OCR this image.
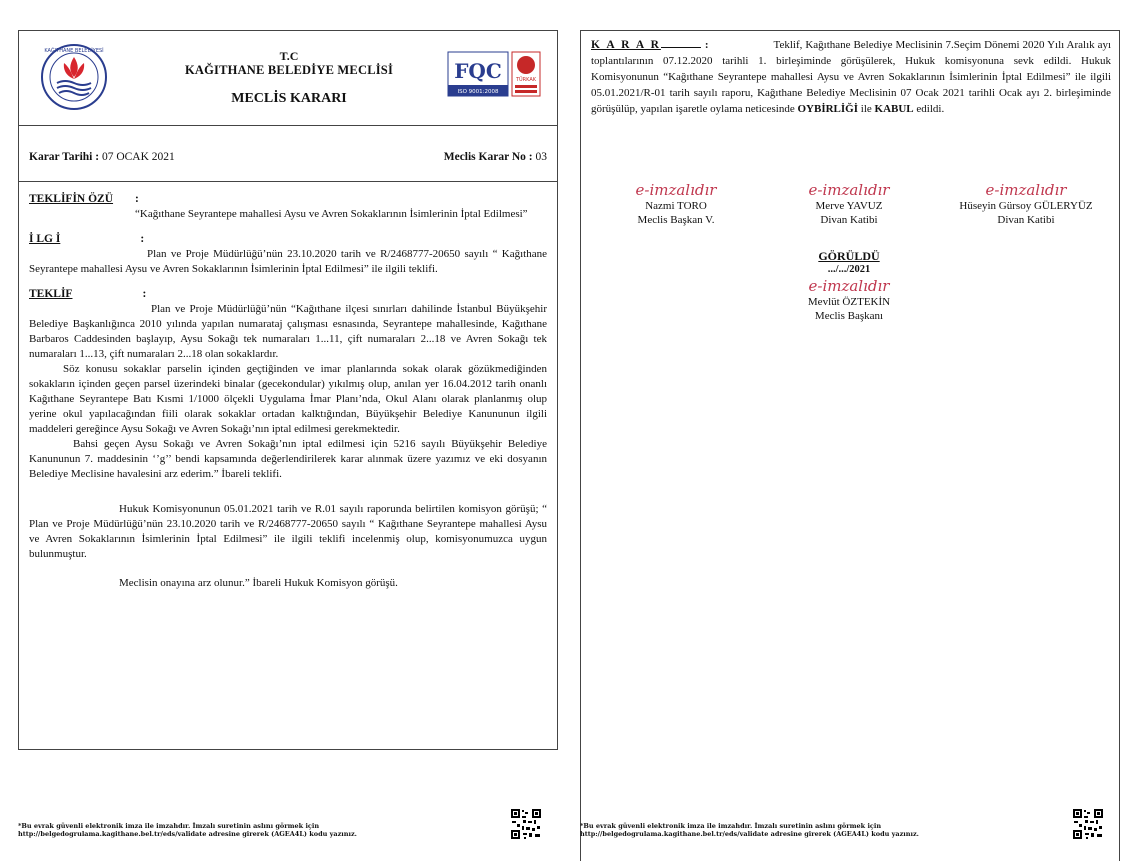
KAĞITHANE BELEDİYESİ	T.C
KAĞITHANE BELEDİYE MECLİSİ
MECLİS KARARI
FQC
ISO 9001:2008
TÜRKAK
Karar Tarihi : 07 OCAK 2021	Meclis Karar No : 03
TEKLİFİN ÖZÜ :

“Kağıthane Seyrantepe mahallesi Aysu ve Avren Sokaklarının İsimlerinin İptal Edilmesi”

İ LG İ	:

Plan ve Proje Müdürlüğü’nün 23.10.2020 tarih ve R/2468777-20650 sayılı “ Kağıthane Seyrantepe mahallesi Aysu ve Avren Sokaklarının İsimlerinin İptal Edilmesi” ile ilgili teklifi.

TEKLİF	:

Plan ve Proje Müdürlüğü’nün “Kağıthane ilçesi sınırları dahilinde İstanbul Büyükşehir Belediye Başkanlığınca 2010 yılında yapılan numarataj çalışması esnasında, Seyrantepe mahallesinde, Kağıthane Barbaros Caddesinden başlayıp, Aysu Sokağı tek numaraları 1...11, çift numaraları 2...18 ve Avren Sokağı tek numaraları 1...13, çift numaraları 2...18 olan sokaklardır.

Söz konusu sokaklar parselin içinden geçtiğinden ve imar planlarında sokak olarak gözükmediğinden sokakların içinden geçen parsel üzerindeki binalar (gecekondular) yıkılmış olup, anılan yer 16.04.2012 tarih onanlı Kağıthane Seyrantepe Batı Kısmi 1/1000 ölçekli Uygulama İmar Planı’nda, Okul Alanı olarak planlanmış olup yerine okul yapılacağından fiili olarak sokaklar ortadan kalktığından, Büyükşehir Belediye Kanununun ilgili maddeleri gereğince Aysu Sokağı ve Avren Sokağı’nın iptal edilmesi gerekmektedir.

Bahsi geçen Aysu Sokağı ve Avren Sokağı’nın iptal edilmesi için 5216 sayılı Büyükşehir Belediye Kanununun 7. maddesinin ‘’g’’ bendi kapsamında değerlendirilerek karar alınmak üzere yazımız ve eki dosyanın Belediye Meclisine havalesini arz ederim.” İbareli teklifi.

Hukuk Komisyonunun 05.01.2021 tarih ve R.01 sayılı raporunda belirtilen komisyon görüşü; “ Plan ve Proje Müdürlüğü’nün 23.10.2020 tarih ve R/2468777-20650 sayılı “ Kağıthane Seyrantepe mahallesi Aysu ve Avren Sokaklarının İsimlerinin İptal Edilmesi” ile ilgili teklifi incelenmiş olup, komisyonumuzca uygun bulunmuştur.

Meclisin onayına arz olunur.” İbareli Hukuk Komisyon görüşü.

K A R A R	:	Teklif, Kağıthane Belediye Meclisinin 7.Seçim Dönemi 2020 Yılı Aralık ayı toplantılarının 07.12.2020 tarihli 1. birleşiminde görüşülerek, Hukuk komisyonuna sevk edildi. Hukuk Komisyonunun “Kağıthane Seyrantepe mahallesi Aysu ve Avren Sokaklarının İsimlerinin İptal Edilmesi” ile ilgili 05.01.2021/R-01 tarih sayılı raporu, Kağıthane Belediye Meclisinin 07 Ocak 2021 tarihli Ocak ayı 2. birleşiminde görüşülüp, yapılan işaretle oylama neticesinde OYBİRLİĞİ ile KABUL edildi.
e-imzalıdır
Nazmi TORO
Meclis Başkan V.
e-imzalıdır
Merve YAVUZ
Divan Katibi
e-imzalıdır
Hüseyin Gürsoy GÜLERYÜZ
Divan Katibi
GÖRÜLDÜ
.../.../2021
e-imzalıdır
Mevlüt ÖZTEKİN
Meclis Başkanı
*Bu evrak güvenli elektronik imza ile imzahdır. İmzalı suretinin aslını görmek için
http://belgedogrulama.kagithane.bel.tr/eds/validate adresine girerek (AGEA4L) kodu yazınız.
*Bu evrak güvenli elektronik imza ile imzahdır. İmzalı suretinin aslını görmek için
http://belgedogrulama.kagithane.bel.tr/eds/validate adresine girerek (AGEA4L) kodu yazınız.
